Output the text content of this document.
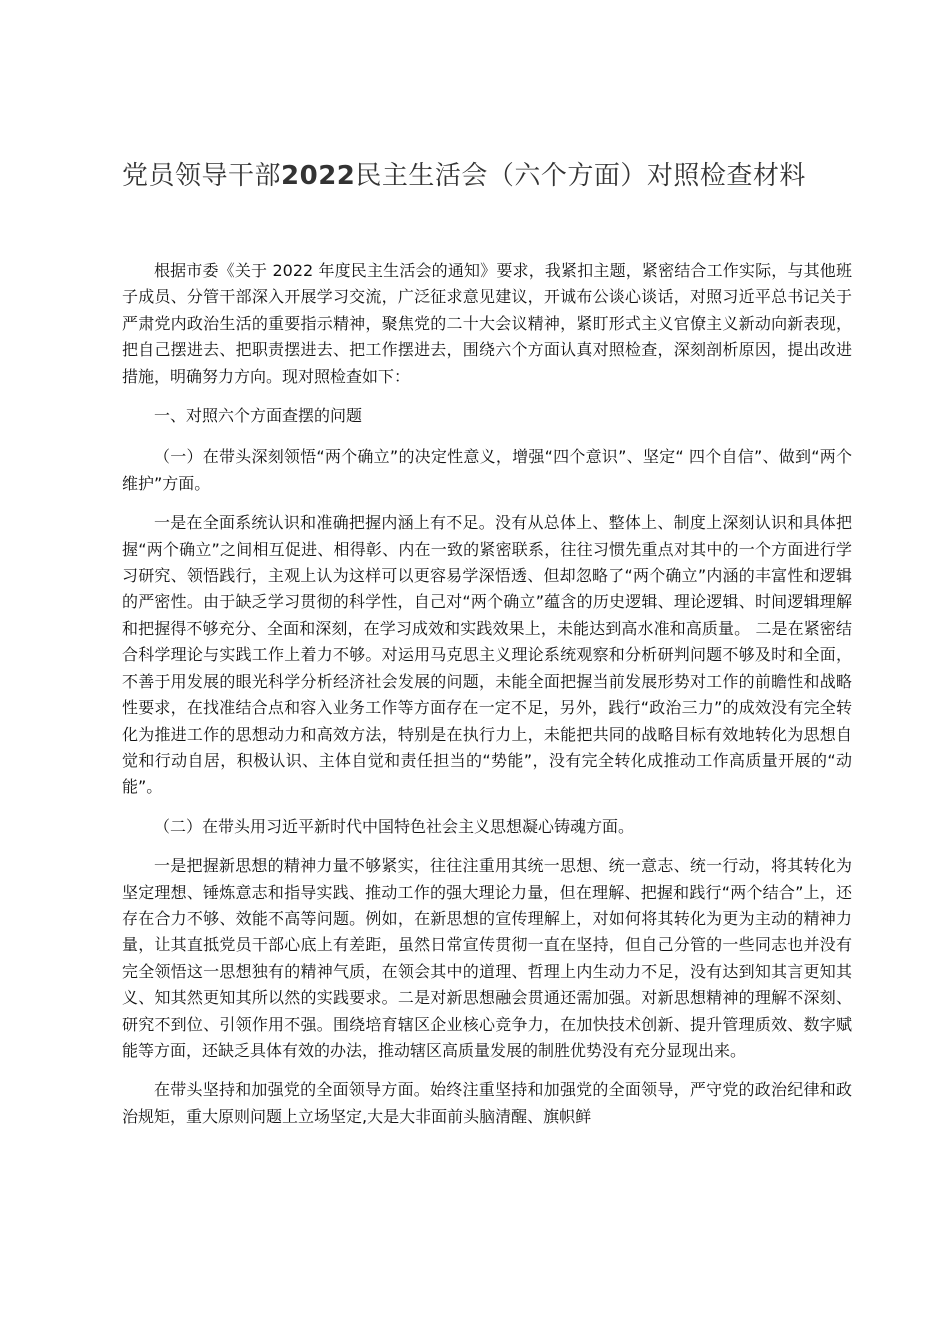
党员领导干部2022民主生活会（六个方面）对照检查材料

根据市委《关于 2022 年度民主生活会的通知》要求，我紧扣主题，紧密结合工作实际，与其他班子成员、分管干部深入开展学习交流，广泛征求意见建议，开诚布公谈心谈话，对照习近平总书记关于严肃党内政治生活的重要指示精神，聚焦党的二十大会议精神，紧盯形式主义官僚主义新动向新表现，把自己摆进去、把职责摆进去、把工作摆进去，围绕六个方面认真对照检查，深刻剖析原因，提出改进措施，明确努力方向。现对照检查如下：

一、对照六个方面查摆的问题

（一）在带头深刻领悟“两个确立”的决定性意义，增强“四个意识”、坚定“ 四个自信”、做到“两个维护”方面。

一是在全面系统认识和准确把握内涵上有不足。没有从总体上、整体上、制度上深刻认识和具体把握“两个确立”之间相互促进、相得彰、内在一致的紧密联系，往往习惯先重点对其中的一个方面进行学习研究、领悟践行，主观上认为这样可以更容易学深悟透、但却忽略了“两个确立”内涵的丰富性和逻辑的严密性。由于缺乏学习贯彻的科学性，自己对“两个确立”蕴含的历史逻辑、理论逻辑、时间逻辑理解和把握得不够充分、全面和深刻，在学习成效和实践效果上，未能达到高水准和高质量。 二是在紧密结合科学理论与实践工作上着力不够。对运用马克思主义理论系统观察和分析研判问题不够及时和全面，不善于用发展的眼光科学分析经济社会发展的问题，未能全面把握当前发展形势对工作的前瞻性和战略性要求，在找准结合点和容入业务工作等方面存在一定不足，另外，践行“政治三力”的成效没有完全转化为推进工作的思想动力和高效方法，特别是在执行力上，未能把共同的战略目标有效地转化为思想自觉和行动自居，积极认识、主体自觉和责任担当的“势能”，没有完全转化成推动工作高质量开展的“动能”。

（二）在带头用习近平新时代中国特色社会主义思想凝心铸魂方面。

一是把握新思想的精神力量不够紧实，往往注重用其统一思想、统一意志、统一行动，将其转化为坚定理想、锤炼意志和指导实践、推动工作的强大理论力量，但在理解、把握和践行“两个结合”上，还存在合力不够、效能不高等问题。例如，在新思想的宣传理解上，对如何将其转化为更为主动的精神力量，让其直抵党员干部心底上有差距，虽然日常宣传贯彻一直在坚持，但自己分管的一些同志也并没有完全领悟这一思想独有的精神气质，在领会其中的道理、哲理上内生动力不足，没有达到知其言更知其义、知其然更知其所以然的实践要求。二是对新思想融会贯通还需加强。对新思想精神的理解不深刻、研究不到位、引领作用不强。围绕培育辖区企业核心竞争力，在加快技术创新、提升管理质效、数字赋能等方面，还缺乏具体有效的办法，推动辖区高质量发展的制胜优势没有充分显现出来。

在带头坚持和加强党的全面领导方面。始终注重坚持和加强党的全面领导，严守党的政治纪律和政治规矩，重大原则问题上立场坚定,大是大非面前头脑清醒、旗帜鲜
